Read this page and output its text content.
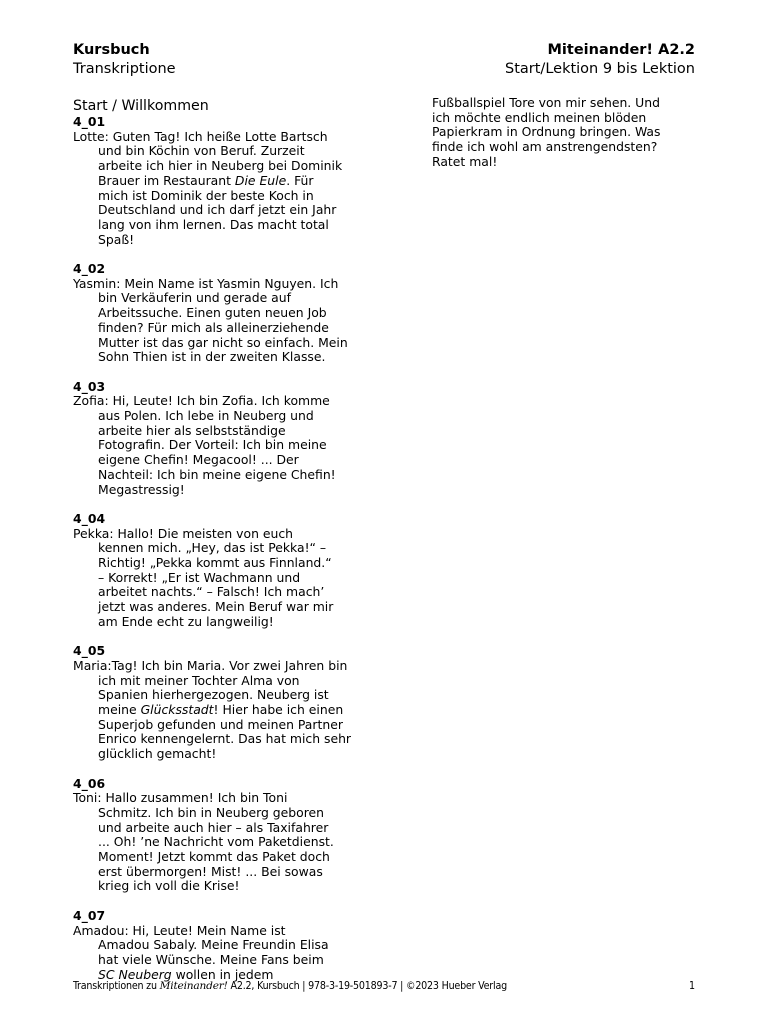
Kursbuch
Transkriptione
Miteinander! A2.2
Start/Lektion 9 bis Lektion
Start / Willkommen
4_01
Lotte: Guten Tag! Ich heiße Lotte Bartsch
und bin Köchin von Beruf. Zurzeit
arbeite ich hier in Neuberg bei Dominik
Brauer im Restaurant Die Eule. Für
mich ist Dominik der beste Koch in
Deutschland und ich darf jetzt ein Jahr
lang von ihm lernen. Das macht total
Spaß!
4_02
Yasmin: Mein Name ist Yasmin Nguyen. Ich
bin Verkäuferin und gerade auf
Arbeitssuche. Einen guten neuen Job
finden? Für mich als alleinerziehende
Mutter ist das gar nicht so einfach. Mein
Sohn Thien ist in der zweiten Klasse.
4_03
Zofia: Hi, Leute! Ich bin Zofia. Ich komme
aus Polen. Ich lebe in Neuberg und
arbeite hier als selbstständige
Fotografin. Der Vorteil: Ich bin meine
eigene Chefin! Megacool! ... Der
Nachteil: Ich bin meine eigene Chefin!
Megastressig!
4_04
Pekka: Hallo! Die meisten von euch
kennen mich. „Hey, das ist Pekka!“ –
Richtig! „Pekka kommt aus Finnland.“
– Korrekt! „Er ist Wachmann und
arbeitet nachts.“ – Falsch! Ich mach’
jetzt was anderes. Mein Beruf war mir
am Ende echt zu langweilig!
4_05
Maria:Tag! Ich bin Maria. Vor zwei Jahren bin
ich mit meiner Tochter Alma von
Spanien hierhergezogen. Neuberg ist
meine Glücksstadt! Hier habe ich einen
Superjob gefunden und meinen Partner
Enrico kennengelernt. Das hat mich sehr
glücklich gemacht!
4_06
Toni: Hallo zusammen! Ich bin Toni
Schmitz. Ich bin in Neuberg geboren
und arbeite auch hier – als Taxifahrer
... Oh! ’ne Nachricht vom Paketdienst.
Moment! Jetzt kommt das Paket doch
erst übermorgen! Mist! ... Bei sowas
krieg ich voll die Krise!
4_07
Amadou: Hi, Leute! Mein Name ist
Amadou Sabaly. Meine Freundin Elisa
hat viele Wünsche. Meine Fans beim
SC Neuberg wollen in jedem
Fußballspiel Tore von mir sehen. Und
ich möchte endlich meinen blöden
Papierkram in Ordnung bringen. Was
finde ich wohl am anstrengendsten?
Ratet mal!
Transkriptionen zu Miteinander! A2.2, Kursbuch | 978-3-19-501893-7 | ©2023 Hueber Verlag	1
